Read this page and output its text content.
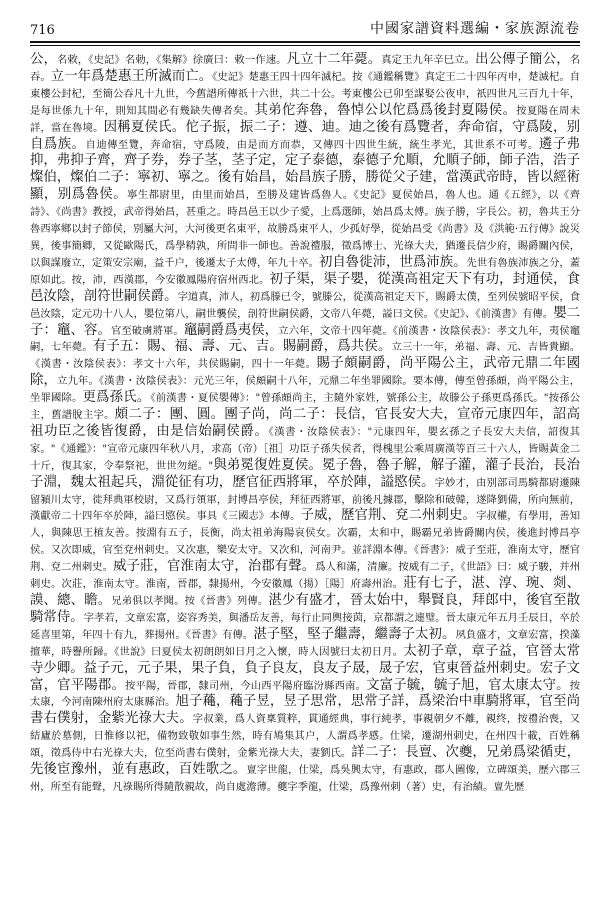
716	中國家譜資料選編・家族源流卷

公，名敕，《史記》名勅，《集解》徐廣曰：敕一作速。凡立十二年薨。真定王九年辛巳立。出公傳子簡公，名吞。立一年爲楚惠王所滅而亡。《史記》楚惠王四十四年滅杞。按《通鑑稱覽》真定王二十四年丙申，楚滅杞。自東樓公封杞，至簡公吞凡十九世，今舊譜所傳祇十六世，共二十公。考東樓公已卯至謀娶公夜申，祇四世凡三百九十年，是每世係九十年，則知其間必有幾缺失傳者矣。其弟佗奔魯，魯悼公以佗爲爲後封夏陽侯。按夏陽在周未詳，當在魯境。因稱夏侯氏。佗子振，振二子：遵、迪。迪之後有爲覽者，奔命宿，守爲陵，别自爲族。自迪傳至覽，奔命宿，守爲陵，由是而方而恭，又傳四十四世生統，統生孝光，其世系不可考。遴子弗抑，弗抑子齊，齊子券，券子茎，茎子定，定子泰德，泰德子允順，允順子師，師子浩，浩子燦伯，燦伯二子：寧初、寧之。後有始昌，始昌族子勝，勝從父子建，當漢武帝時，皆以經術顯，别爲魯侯。寧生都尉里，由里而始昌，至勝及建皆爲魯人。《史記》夏侯始昌，魯人也。通《五經》，以《齊詩》、《尚書》教授，武帝得始昌，甚重之。時昌邑王以少子愛，上爲選師，始昌爲太傅。族子勝，字長公。初，魯共王分魯西寧鄉以封子節侯，别屬大河，大河後更名東平，故勝爲東平人，少孤好學，從始昌受《尚書》及《洪範·五行傳》說災異，後事簡卿，又從歐陽氏，爲學精孰，所問非一師也。善說禮服，徵爲博士、光祿大夫，猶遷長信少府，賜爵關內侯，以與謀廢立，定策安宗廟，益千户，後遷太子太傅，年九十卒。初自魯徙沛，世爲沛族。先世有魯族沛族之分，蓋原如此。按，沛，西漢郡，今安徽鳳陽府宿州西北。初子渠，渠子嬰，從漢高祖定天下有功，封通侯，食邑汝陰，剖符世嗣侯爵。字道真，沛人，初爲滕已令，號滕公，從漢高祖定天下，賜爵太僕，至列侯號昭平侯，食邑汝陰，定元功十八人，嬰位第八，嗣世襲侯，剖符世嗣侯爵，文帝八年薨，謚曰文侯。《史記》、《前漢書》有傳。嬰二子：竈、容。官至破虜將軍。竈嗣爵爲夷侯，立六年，文帝十四年薨。《前漢書・汝陰侯表》：孝文九年，夷侯竈嗣，七年薨。有子五：賜、福、壽、元、吉。賜嗣爵，爲共侯。立三十一年，弟福、壽、元、吉皆貴顯。《漢書・汝陰侯表》：孝文十六年，共侯賜嗣，四十一年薨。賜子頗嗣爵，尚平陽公主，武帝元鼎二年國除，立九年。《漢書・汝陰侯表》：元光三年，侯頗嗣十八年，元鼎二年坐罪國除。要本傳，傳至曾孫頗，尚平陽公主，坐罪國除。更爲孫氏。《前漢書・夏侯嬰傳》："曾孫頗尚主，主隨外家姓，號孫公主，故滕公子孫更爲孫氏。"按孫公主，舊譜脫主字。頗二子：團、圓。團子尚，尚二子：長信，官長安大夫，宣帝元康四年，詔高祖功臣之後皆復爵，由是信始嗣侯爵。《漢書・汝陰侯表》："元康四年，嬰玄孫之子長安大夫信，詔復其家。"《通鑑》："宣帝元康四年秋八月，求高（帝）［祖］功臣子孫失侯者，得槐里公乘周廣漢等百三十六人，皆賜黃金二十斤，復其家，令奉祭祀，世世勿絕。"與弟冕復姓夏侯。冕子魯，魯子解，解子灌，灌子長治，長治子淵，魏太祖起兵，淵從征有功，歷官征西將軍，卒於陣，謚愍侯。字妙才，由别部司馬騎都尉遷陳留潁川太守，徙拜典軍校尉，又爲行領軍，封博昌亭侯，拜征西將軍，前後凡據郡，擊除和破韓，遂降劉備，所向無前，漢獻帝二十四年卒於陣，謚曰愍侯。事具《三國志》本傳。子威，歷官荆、兗二州刺史。字叔權，有學用，善知人，與陳思王植友善。按淵有五子，長衡，尚太祖弟海陽哀侯女。次霸，太和中，賜霸兄弟皆爵關内侯，後進封博昌亭侯。又次即威，官至兗州刺史。又次惠，樂安太守。又次和，河南尹。並詳淵本傳。《晉書》：威子至莊，淮南太守，歷官荆、兗二州刺史。威子莊，官淮南太守，治郡有聲。爲人和滿，清廉。按威有二子，《世語》曰：威子駿，并州刺史。次莊，淮南太守。淮南，晉郡，隸揚州，今安徽鳳（揚）［陽］府壽州治。莊有七子，湛、淳、琬、剡、謨、總、瞻。兄弟俱以孝聞。按《晉書》列傳。湛少有盛才，晉太始中，舉賢良，拜郎中，後官至散騎常侍。字孝若，文章宏富，姿容秀美，與潘岳友善，每行止同輿接茵，京都謂之連璧。晉太康元年五月壬辰日，卒於延喜里第，年四十有九，葬揚州。《晉書》有傳。湛子堅，堅子繼壽，繼壽子太初。夙負盛才，文章宏富，揆藻擅華，時譽所歸。《世說》曰夏侯太初朗朗如日月之入懷，時人因號曰太初日月。太初子章，章子益，官晉太常寺少卿。益子元，元子果，果子負，負子良友，良友子晟，晟子宏，官東晉益州刺史。宏子文富，官平陽郡。按平陽，晉郡，隸司州，今山西平陽府臨汾縣西南。文富子毓，毓子旭，官太康太守。按太康，今河南陳州府太康縣治。旭子蘒，蘒子昱，昱子思常，思常子詳，爲梁治中車騎將軍，官至尚書右僕射，金紫光祿大夫。字叔業，爲人資稟質粹，貫通經典，事行純孝，事親朝夕不離，親终，按禮治喪，又結廬於墓側，日惟修以祀，備物致敬如事生然，時有鳩集其户，人謂爲孝感。仕梁，遷湖州刺史，在州四十載，百姓稱頌，徵爲侍中右光祿大夫，位至尚書右僕射，金紫光祿大夫，妻劉氏。詳二子：長亶、次夔，兄弟爲梁循吏，先後宦豫州，並有惠政，百姓歌之。亶字世龍，仕梁，爲吳興太守，有惠政，郡人圖像，立碑頌美，歷六郡三州，所至有能聲，凡祿賜所得隨散親故，尚自處澹薄。夔字季龍，仕梁，爲豫州刺（著）史，有治績。亶先歷
